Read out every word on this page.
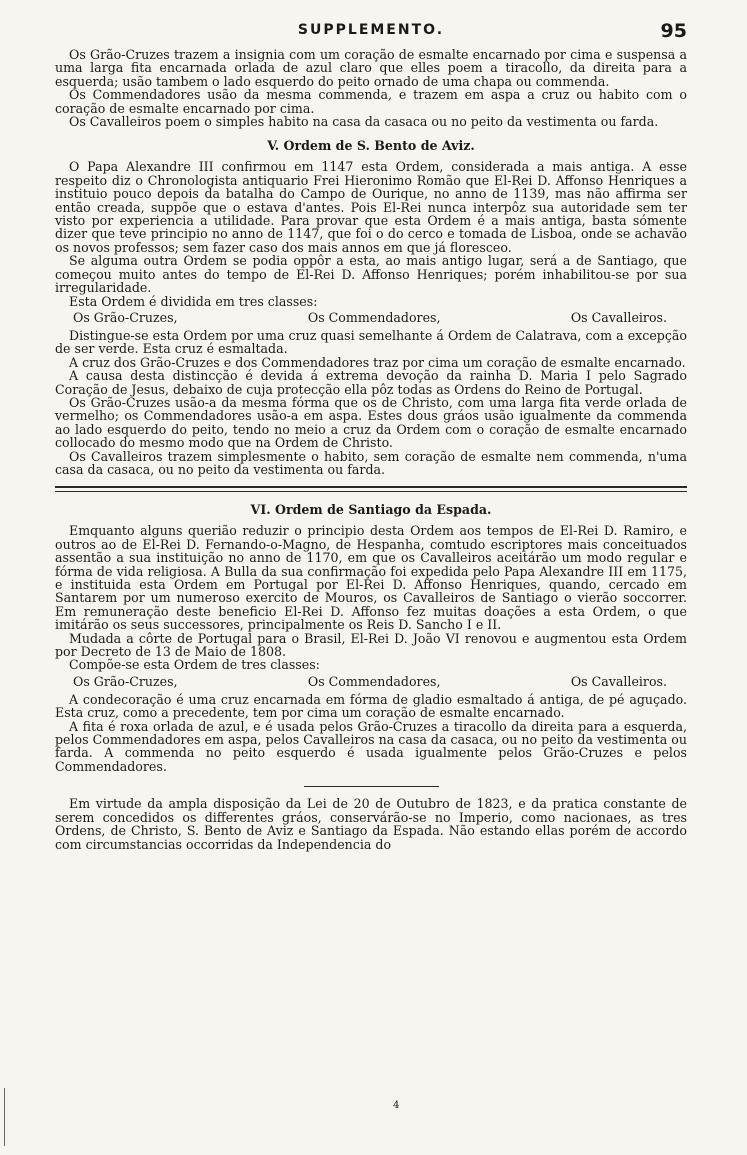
SUPPLEMENTO.	95

Os Grão-Cruzes trazem a insignia com um coração de esmalte encarnado por cima e suspensa a uma larga fita encarnada orlada de azul claro que elles poem a tiracollo, da direita para a esquerda; usão tambem o lado esquerdo do peito ornado de uma chapa ou commenda.

Os Commendadores usão da mesma commenda, e trazem em aspa a cruz ou habito com o coração de esmalte encarnado por cima.

Os Cavalleiros poem o simples habito na casa da casaca ou no peito da vestimenta ou farda.

V. Ordem de S. Bento de Aviz.

O Papa Alexandre III confirmou em 1147 esta Ordem, considerada a mais antiga. A esse respeito diz o Chronologista antiquario Frei Hieronimo Romão que El-Rei D. Affonso Henriques a instituio pouco depois da batalha do Campo de Ourique, no anno de 1139, mas não affirma ser então creada, suppõe que o estava d'antes. Pois El-Rei nunca interpôz sua autoridade sem ter visto por experiencia a utilidade. Para provar que esta Ordem é a mais antiga, basta sómente dizer que teve principio no anno de 1147, que foi o do cerco e tomada de Lisboa, onde se achavão os novos professos; sem fazer caso dos mais annos em que já floresceo.

Se alguma outra Ordem se podia oppôr a esta, ao mais antigo lugar, será a de Santiago, que começou muito antes do tempo de El-Rei D. Affonso Henriques; porém inhabilitou-se por sua irregularidade.

Esta Ordem é dividida em tres classes:

Os Grão-Cruzes,	Os Commendadores,	Os Cavalleiros.

Distingue-se esta Ordem por uma cruz quasi semelhante á Ordem de Calatrava, com a excepção de ser verde. Esta cruz é esmaltada.

A cruz dos Grão-Cruzes e dos Commendadores traz por cima um coração de esmalte encarnado.

A causa desta distincção é devida á extrema devoção da rainha D. Maria I pelo Sagrado Coração de Jesus, debaixo de cuja protecção ella pôz todas as Ordens do Reino de Portugal.

Os Grão-Cruzes usão-a da mesma fórma que os de Christo, com uma larga fita verde orlada de vermelho; os Commendadores usão-a em aspa. Estes dous gráos usão igualmente da commenda ao lado esquerdo do peito, tendo no meio a cruz da Ordem com o coração de esmalte encarnado collocado do mesmo modo que na Ordem de Christo.

Os Cavalleiros trazem simplesmente o habito, sem coração de esmalte nem commenda, n'uma casa da casaca, ou no peito da vestimenta ou farda.

VI. Ordem de Santiago da Espada.

Emquanto alguns querião reduzir o principio desta Ordem aos tempos de El-Rei D. Ramiro, e outros ao de El-Rei D. Fernando-o-Magno, de Hespanha, comtudo escriptores mais conceituados assentão a sua instituição no anno de 1170, em que os Cavalleiros aceitárão um modo regular e fórma de vida religiosa. A Bulla da sua confirmação foi expedida pelo Papa Alexandre III em 1175, e instituida esta Ordem em Portugal por El-Rei D. Affonso Henriques, quando, cercado em Santarem por um numeroso exercito de Mouros, os Cavalleiros de Santiago o vierão soccorrer. Em remuneração deste beneficio El-Rei D. Affonso fez muitas doações a esta Ordem, o que imitárão os seus successores, principalmente os Reis D. Sancho I e II.

Mudada a côrte de Portugal para o Brasil, El-Rei D. João VI renovou e augmentou esta Ordem por Decreto de 13 de Maio de 1808.

Compõe-se esta Ordem de tres classes:

Os Grão-Cruzes,	Os Commendadores,	Os Cavalleiros.

A condecoração é uma cruz encarnada em fórma de gladio esmaltado á antiga, de pé aguçado. Esta cruz, como a precedente, tem por cima um coração de esmalte encarnado.

A fita é roxa orlada de azul, e é usada pelos Grão-Cruzes a tiracollo da direita para a esquerda, pelos Commendadores em aspa, pelos Cavalleiros na casa da casaca, ou no peito da vestimenta ou farda. A commenda no peito esquerdo é usada igualmente pelos Grão-Cruzes e pelos Commendadores.

Em virtude da ampla disposição da Lei de 20 de Outubro de 1823, e da pratica constante de serem concedidos os differentes gráos, conservárão-se no Imperio, como nacionaes, as tres Ordens, de Christo, S. Bento de Aviz e Santiago da Espada. Não estando ellas porém de accordo com circumstancias occorridas da Independencia do

4
